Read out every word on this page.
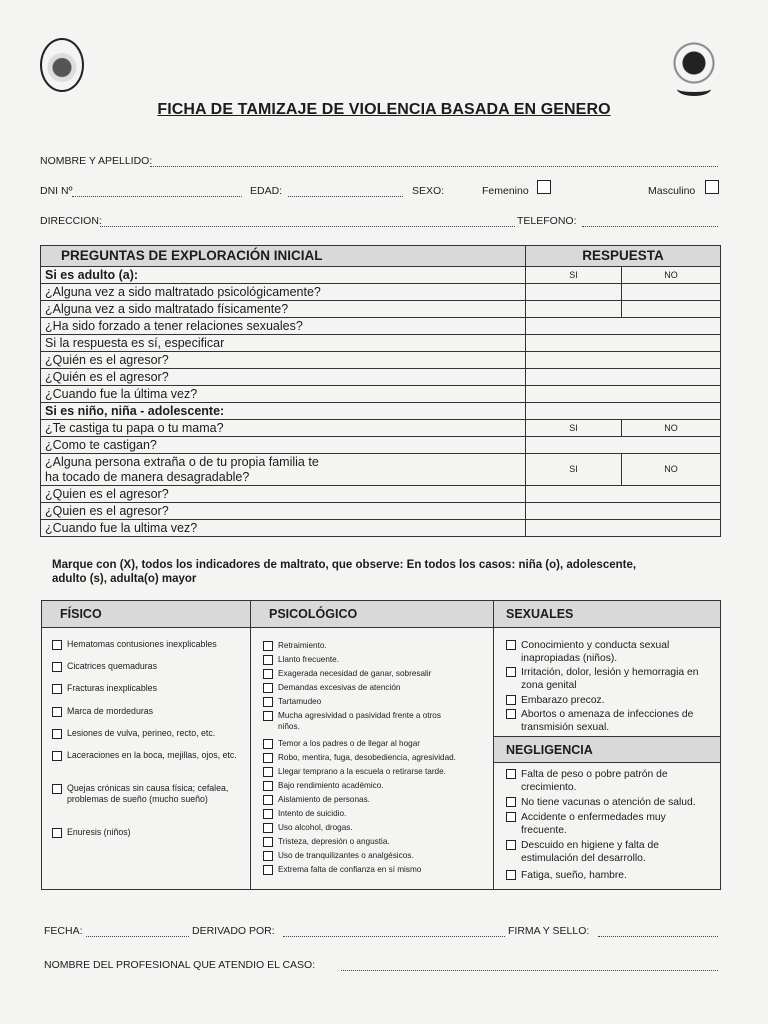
FICHA DE TAMIZAJE DE VIOLENCIA BASADA EN GENERO
NOMBRE Y APELLIDO:
DNI Nº	EDAD:	SEXO:	Femenino	Masculino
DIRECCION:	TELEFONO:
PREGUNTAS DE EXPLORACIÓN INICIAL	RESPUESTA	
Si es adulto (a):	SI	NO
¿Alguna vez a sido maltratado psicológicamente?		
¿Alguna vez a sido maltratado físicamente?		
¿Ha sido forzado a tener relaciones sexuales?		
Si la respuesta es sí, especificar		
¿Quién es el agresor?		
¿Quién es el agresor?		
¿Cuando fue la última vez?		
Si es niño, niña - adolescente:		
¿Te castiga tu papa o tu mama?	SI	NO
¿Como te castigan?		
¿Alguna persona extraña o de tu propia familia te
ha tocado de manera desagradable?	SI	NO
¿Quien es el agresor?		
¿Quien es el agresor?		
¿Cuando fue la ultima vez?		
Marque con (X), todos los indicadores de maltrato, que observe: En todos los casos: niña (o), adolescente, adulto (s), adulta(o) mayor
FÍSICO	PSICOLÓGICO	SEXUALES
Hematomas contusiones inexplicables
Cicatrices quemaduras
Fracturas inexplicables
Marca de mordeduras
Lesiones de vulva, perineo, recto, etc.
Laceraciones en la boca, mejillas, ojos, etc.
Quejas crónicas sin causa física; cefalea, problemas de sueño (mucho sueño)
Enuresis (niños)
Retraimiento.
Llanto frecuente.
Exagerada necesidad de ganar, sobresalir
Demandas excesivas de atención
Tartamudeo
Mucha agresividad o pasividad frente a otros niños.
Temor a los padres o de llegar al hogar
Robo, mentira, fuga, desobediencia, agresividad.
Llegar temprano a la escuela o retirarse tarde.
Bajo rendimiento académico.
Aislamiento de personas.
Intento de suicidio.
Uso alcohol, drogas.
Tristeza, depresión o angustia.
Uso de tranquilizantes o analgésicos.
Extrema falta de confianza en sí mismo
Conocimiento y conducta sexual inapropiadas (niños).
Irritación, dolor, lesión y hemorragia en zona genital
Embarazo precoz.
Abortos o amenaza de infecciones de transmisión sexual.
NEGLIGENCIA
Falta de peso o pobre patrón de crecimiento.
No tiene vacunas o atención de salud.
Accidente o enfermedades muy frecuente.
Descuido en higiene y falta de estimulación del desarrollo.
Fatiga, sueño, hambre.
FECHA:	DERIVADO POR:	FIRMA Y SELLO:
NOMBRE DEL PROFESIONAL QUE ATENDIO EL CASO:
